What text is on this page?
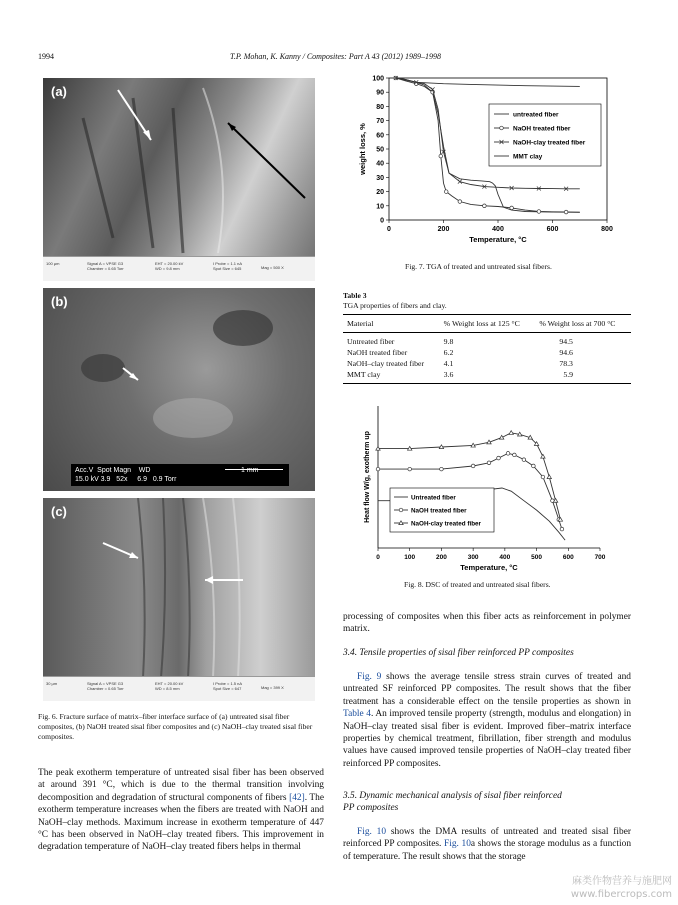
1994	T.P. Mohan, K. Kanny / Composites: Part A 43 (2012) 1989–1998
(a)
100 µm	Signal A = VPSE G3
Chamber = 0.65 Torr
EHT = 20.00 kV
WD = 9.8 mm
I Probe = 1.1 nA
Spot Size = 645	Mag = 500 X
(b)
Acc.V  Spot Magn    WD
15.0 kV 3.9   52x     6.9   0.9 Torr
1 mm
(c)
30 µm	Signal A = VPSE G3
Chamber = 0.65 Torr
EHT = 20.00 kV
WD = 8.5 mm
I Probe = 1.5 nA
Spot Size = 647	Mag = 399 X
Fig. 6. Fracture surface of matrix–fiber interface surface of (a) untreated sisal fiber composites, (b) NaOH treated sisal fiber composites and (c) NaOH–clay treated sisal fiber composites.
The peak exotherm temperature of untreated sisal fiber has been observed at around 391 °C, which is due to the thermal transition involving decomposition and degradation of structural components of fibers [42]. The exotherm temperature increases when the fibers are treated with NaOH and NaOH–clay methods. Maximum increase in exotherm temperature of 447 °C has been observed in NaOH–clay treated fibers. This improvement in degradation temperature of NaOH–clay treated fibers helps in thermal
0
10
20
30
40
50
60
70
80
90
100
0	200	400	600	800
Temperature, °C
weight loss, %
untreated fiber
NaOH treated fiber
NaOH-clay treated fiber
MMT clay
Fig. 7. TGA of treated and untreated sisal fibers.
Table 3
TGA properties of fibers and clay.
Material	% Weight loss at 125 °C	% Weight loss at 700 °C
Untreated fiber	9.8	94.5
NaOH treated fiber	6.2	94.6
NaOH–clay treated fiber	4.1	78.3
MMT clay	3.6	5.9
0	100	200	300	400	500	600	700
Temperature, °C
Heat flow W/g, exotherm up	Untreated fiber
NaOH treated fiber
NaOH-clay treated fiber
Fig. 8. DSC of treated and untreated sisal fibers.
processing of composites when this fiber acts as reinforcement in polymer matrix.
3.4. Tensile properties of sisal fiber reinforced PP composites
Fig. 9 shows the average tensile stress strain curves of treated and untreated SF reinforced PP composites. The result shows that the fiber treatment has a considerable effect on the tensile properties as shown in Table 4. An improved tensile property (strength, modulus and elongation) in NaOH–clay treated sisal fiber is evident. Improved fiber–matrix interface properties by chemical treatment, fibrillation, fiber strength and modulus values have caused improved tensile properties of NaOH–clay treated fiber reinforced PP composites.
3.5. Dynamic mechanical analysis of sisal fiber reinforced
PP composites
Fig. 10 shows the DMA results of untreated and treated sisal fiber reinforced PP composites. Fig. 10a shows the storage modulus as a function of temperature. The result shows that the storage
麻类作物营养与施肥网
www.fibercrops.com
